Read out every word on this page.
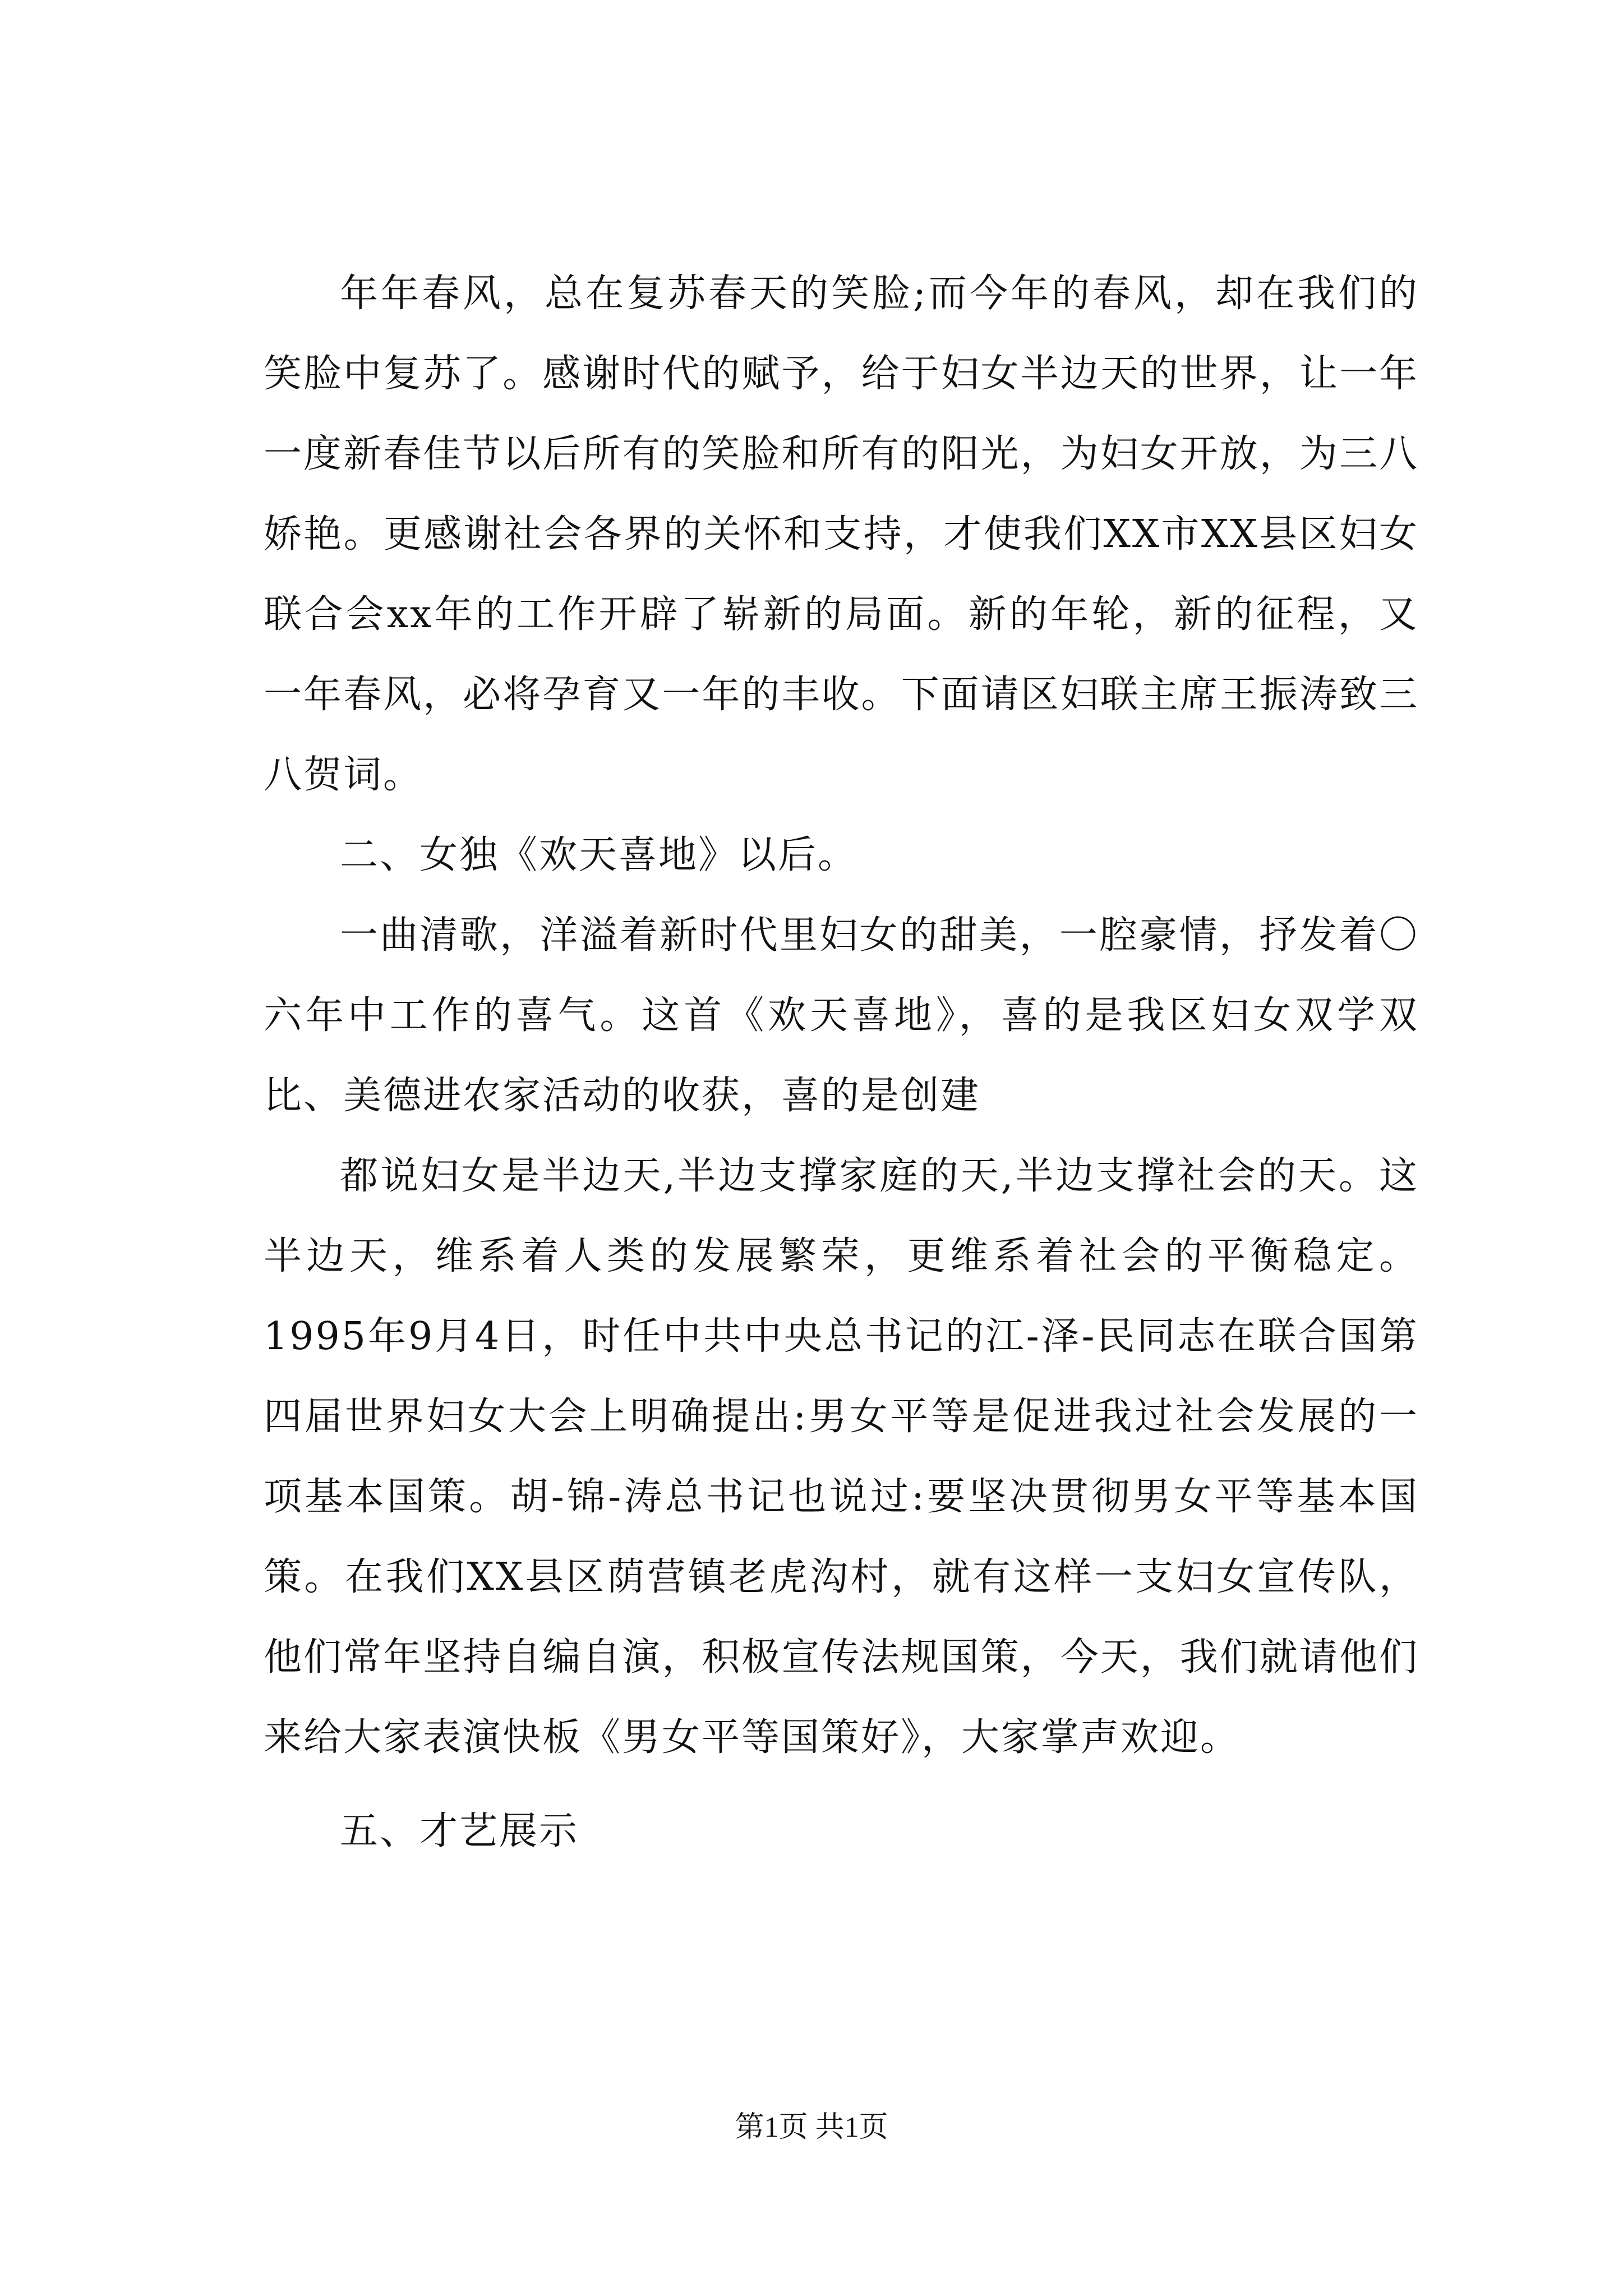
年年春风，总在复苏春天的笑脸;而今年的春风，却在我们的笑脸中复苏了。感谢时代的赋予，给于妇女半边天的世界，让一年一度新春佳节以后所有的笑脸和所有的阳光，为妇女开放，为三八娇艳。更感谢社会各界的关怀和支持，才使我们XX市XX县区妇女联合会xx年的工作开辟了崭新的局面。新的年轮，新的征程，又一年春风，必将孕育又一年的丰收。下面请区妇联主席王振涛致三八贺词。

二、女独《欢天喜地》以后。

一曲清歌，洋溢着新时代里妇女的甜美，一腔豪情，抒发着〇六年中工作的喜气。这首《欢天喜地》，喜的是我区妇女双学双比、美德进农家活动的收获，喜的是创建

都说妇女是半边天,半边支撑家庭的天,半边支撑社会的天。这半边天，维系着人类的发展繁荣，更维系着社会的平衡稳定。1995年9月4日，时任中共中央总书记的江-泽-民同志在联合国第四届世界妇女大会上明确提出:男女平等是促进我过社会发展的一项基本国策。胡-锦-涛总书记也说过:要坚决贯彻男女平等基本国策。在我们XX县区荫营镇老虎沟村，就有这样一支妇女宣传队，他们常年坚持自编自演，积极宣传法规国策，今天，我们就请他们来给大家表演快板《男女平等国策好》，大家掌声欢迎。

五、才艺展示

第1页 共1页
